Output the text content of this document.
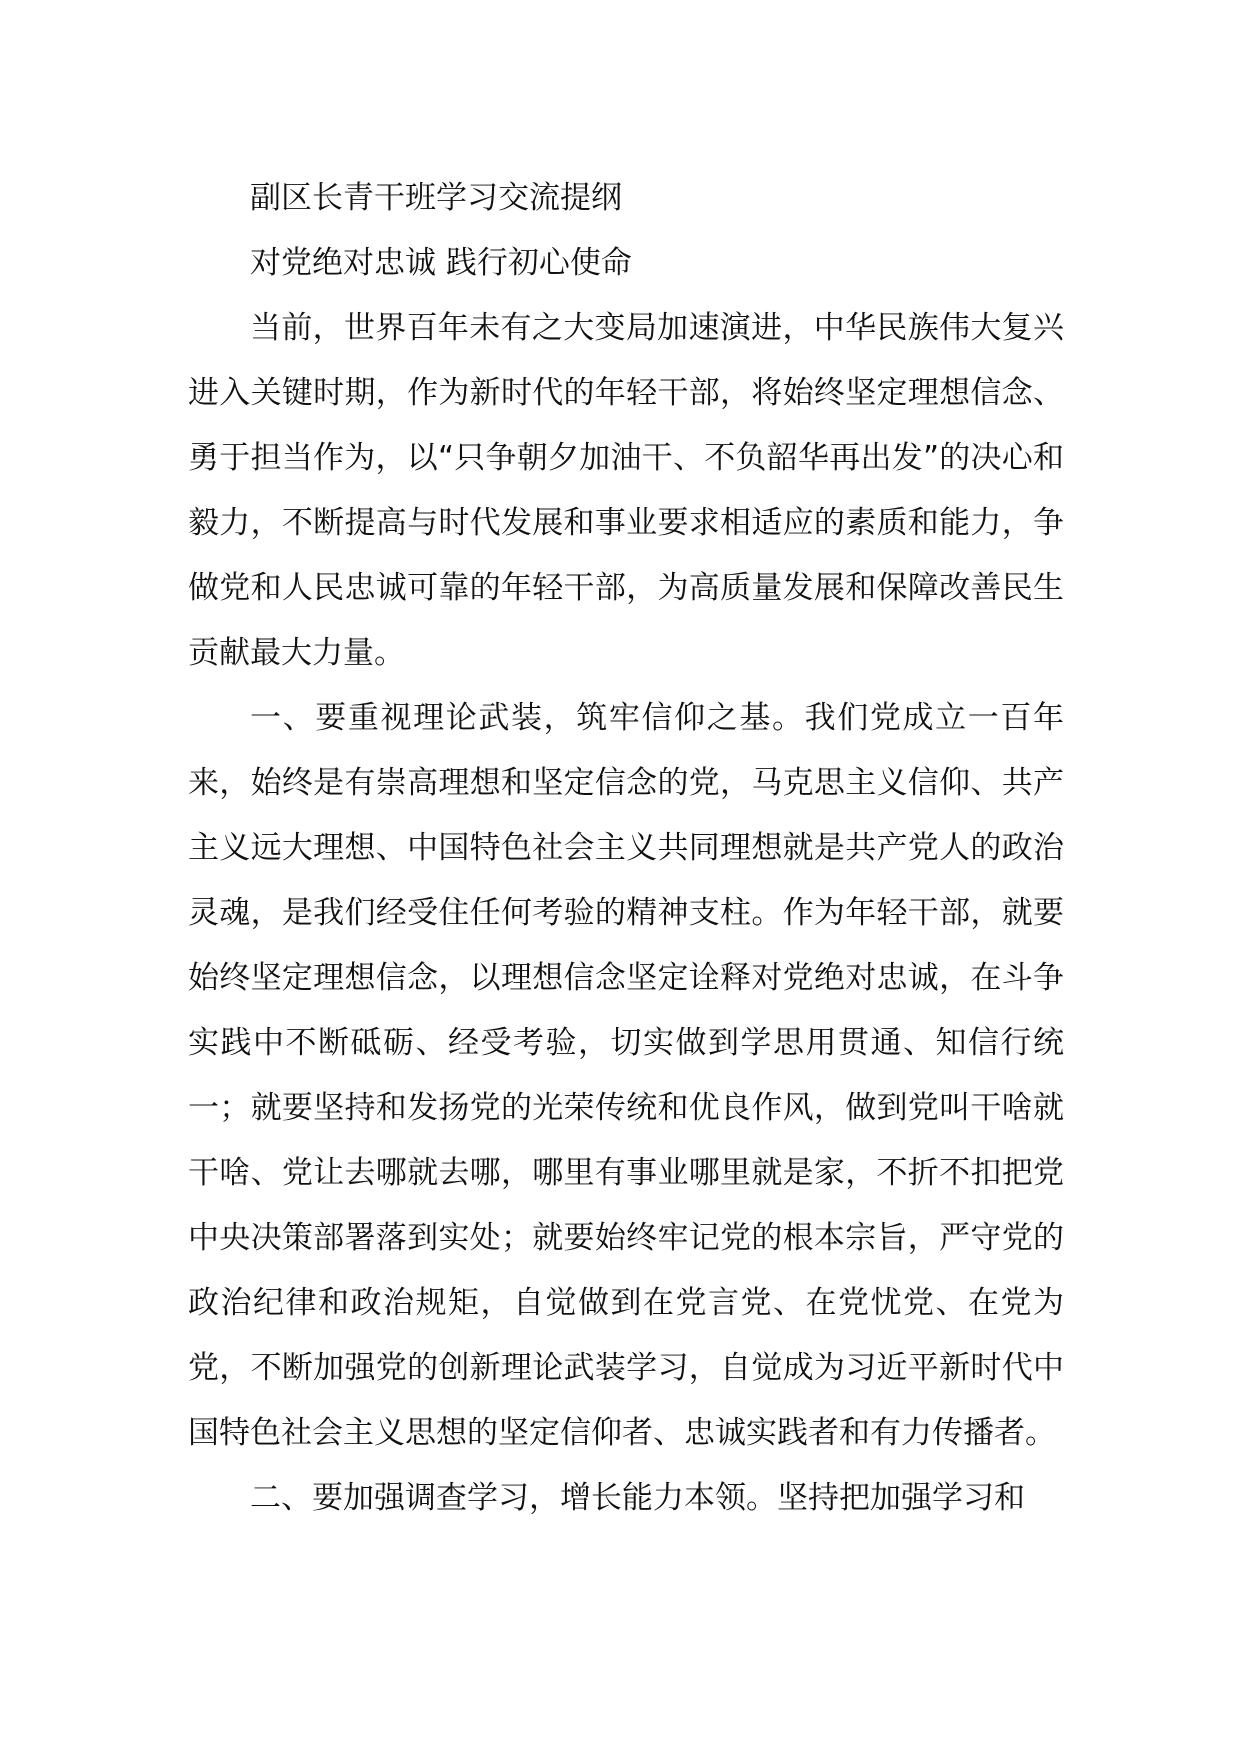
副区长青干班学习交流提纲

对党绝对忠诚 践行初心使命

当前，世界百年未有之大变局加速演进，中华民族伟大复兴进入关键时期，作为新时代的年轻干部，将始终坚定理想信念、勇于担当作为，以“只争朝夕加油干、不负韶华再出发”的决心和毅力，不断提高与时代发展和事业要求相适应的素质和能力，争做党和人民忠诚可靠的年轻干部，为高质量发展和保障改善民生贡献最大力量。

一、要重视理论武装，筑牢信仰之基。我们党成立一百年来，始终是有崇高理想和坚定信念的党，马克思主义信仰、共产主义远大理想、中国特色社会主义共同理想就是共产党人的政治灵魂，是我们经受住任何考验的精神支柱。作为年轻干部，就要始终坚定理想信念，以理想信念坚定诠释对党绝对忠诚，在斗争实践中不断砥砺、经受考验，切实做到学思用贯通、知信行统一；就要坚持和发扬党的光荣传统和优良作风，做到党叫干啥就干啥、党让去哪就去哪，哪里有事业哪里就是家，不折不扣把党中央决策部署落到实处；就要始终牢记党的根本宗旨，严守党的政治纪律和政治规矩，自觉做到在党言党、在党忧党、在党为党，不断加强党的创新理论武装学习，自觉成为习近平新时代中国特色社会主义思想的坚定信仰者、忠诚实践者和有力传播者。

二、要加强调查学习，增长能力本领。坚持把加强学习和
